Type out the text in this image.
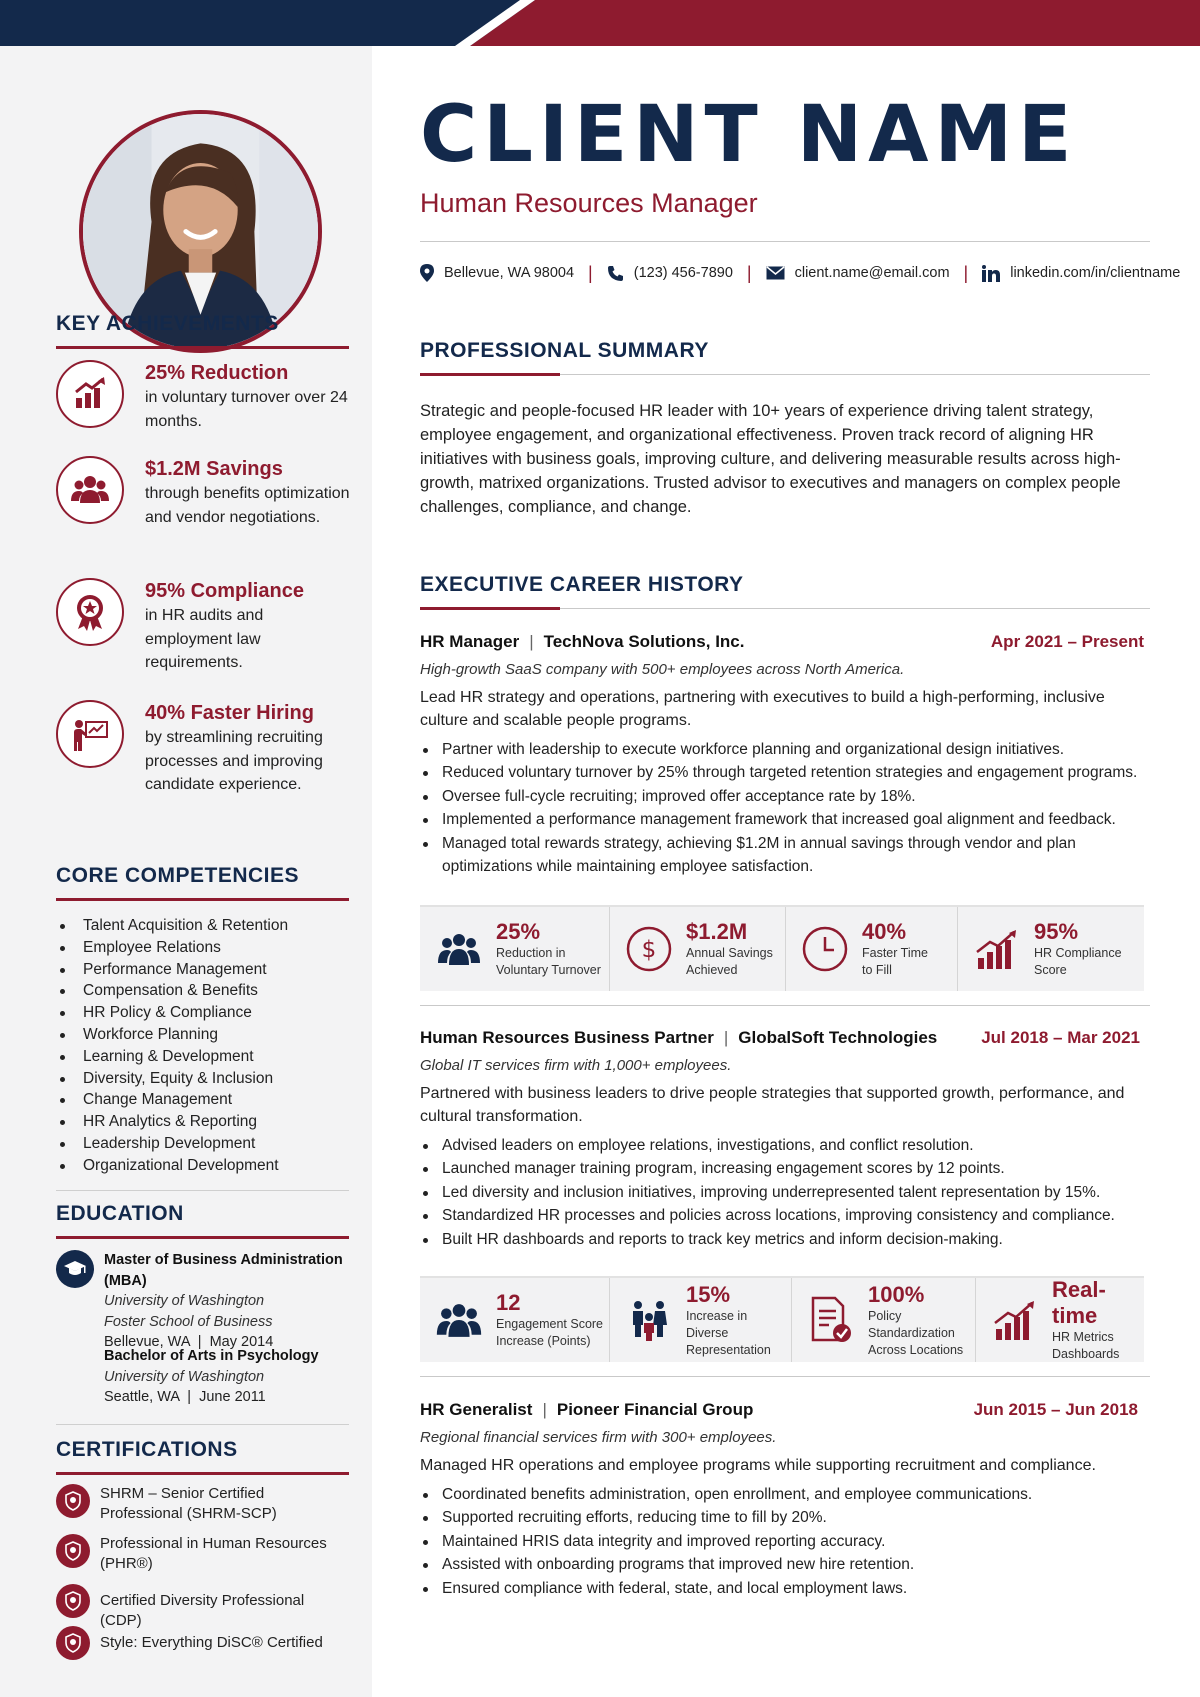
KEY ACHIEVEMENTS
25% Reduction
in voluntary turnover over 24 months.
$1.2M Savings
through benefits optimization and vendor negotiations.
95% Compliance
in HR audits and employment law requirements.
40% Faster Hiring
by streamlining recruiting processes and improving candidate experience.
CORE COMPETENCIES
Talent Acquisition & Retention
Employee Relations
Performance Management
Compensation & Benefits
HR Policy & Compliance
Workforce Planning
Learning & Development
Diversity, Equity & Inclusion
Change Management
HR Analytics & Reporting
Leadership Development
Organizational Development
EDUCATION
Master of Business Administration (MBA)
University of Washington
Foster School of Business
Bellevue, WA  |  May 2014
Bachelor of Arts in Psychology
University of Washington
Seattle, WA  |  June 2011
CERTIFICATIONS
SHRM – Senior Certified Professional (SHRM-SCP)
Professional in Human Resources (PHR®)
Certified Diversity Professional (CDP)
Style: Everything DiSC® Certified
CLIENT NAME
Human Resources Manager
Bellevue, WA 98004 |	(123) 456-7890 |	client.name@email.com |	linkedin.com/in/clientname
PROFESSIONAL SUMMARY

Strategic and people-focused HR leader with 10+ years of experience driving talent strategy, employee engagement, and organizational effectiveness. Proven track record of aligning HR initiatives with business goals, improving culture, and delivering measurable results across high-growth, matrixed organizations. Trusted advisor to executives and managers on complex people challenges, compliance, and change.

EXECUTIVE CAREER HISTORY
HR Manager | TechNova Solutions, Inc.	Apr 2021 – Present
High-growth SaaS company with 500+ employees across North America.
Lead HR strategy and operations, partnering with executives to build a high-performing, inclusive culture and scalable people programs.
Partner with leadership to execute workforce planning and organizational design initiatives.
Reduced voluntary turnover by 25% through targeted retention strategies and engagement programs.
Oversee full-cycle recruiting; improved offer acceptance rate by 18%.
Implemented a performance management framework that increased goal alignment and feedback.
Managed total rewards strategy, achieving $1.2M in annual savings through vendor and plan optimizations while maintaining employee satisfaction.
25%
Reduction in
Voluntary Turnover
$
$1.2M
Annual Savings
Achieved
40%
Faster Time
to Fill
95%
HR Compliance
Score
Human Resources Business Partner | GlobalSoft Technologies	Jul 2018 – Mar 2021
Global IT services firm with 1,000+ employees.
Partnered with business leaders to drive people strategies that supported growth, performance, and cultural transformation.
Advised leaders on employee relations, investigations, and conflict resolution.
Launched manager training program, increasing engagement scores by 12 points.
Led diversity and inclusion initiatives, improving underrepresented talent representation by 15%.
Standardized HR processes and policies across locations, improving consistency and compliance.
Built HR dashboards and reports to track key metrics and inform decision-making.
12
Engagement Score
Increase (Points)
15%
Increase in Diverse
Representation
100%
Policy Standardization
Across Locations
Real-time
HR Metrics
Dashboards
HR Generalist | Pioneer Financial Group	Jun 2015 – Jun 2018
Regional financial services firm with 300+ employees.
Managed HR operations and employee programs while supporting recruitment and compliance.
Coordinated benefits administration, open enrollment, and employee communications.
Supported recruiting efforts, reducing time to fill by 20%.
Maintained HRIS data integrity and improved reporting accuracy.
Assisted with onboarding programs that improved new hire retention.
Ensured compliance with federal, state, and local employment laws.
